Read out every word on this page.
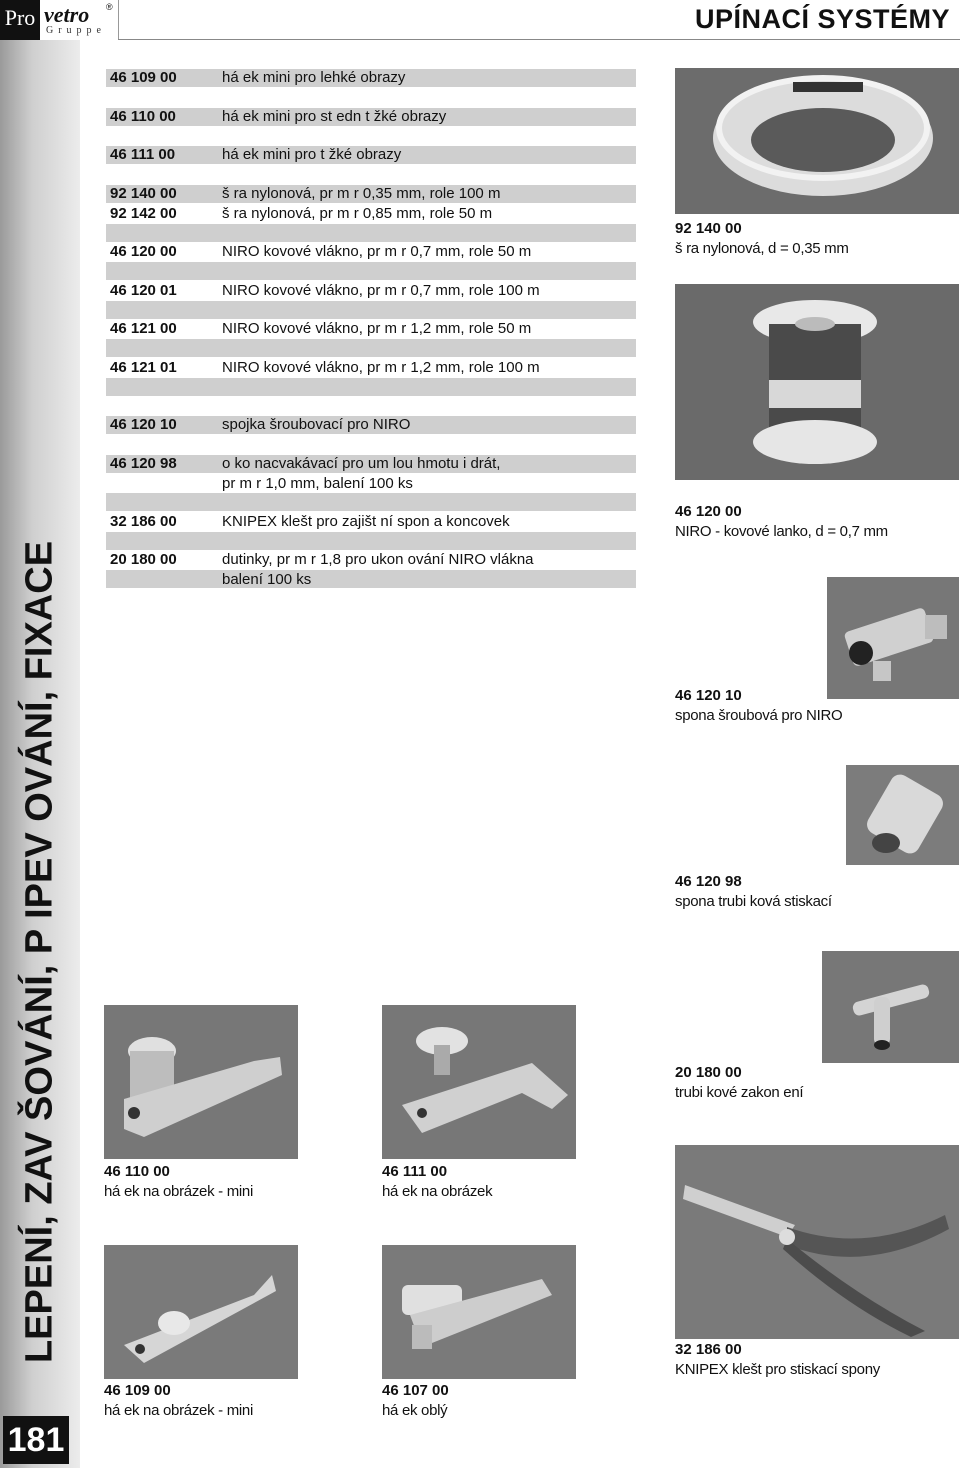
Pro vetro ®
Gruppe	UPÍNACÍ SYSTÉMY
LEPENÍ, ZAV ŠOVÁNÍ, P IPEV OVÁNÍ, FIXACE
181
46 109 00	há ek mini pro lehké obrazy
46 110 00	há ek mini pro st edn t žké obrazy
46 111 00	há ek mini pro t žké obrazy
92 140 00	š ra nylonová, pr m r 0,35 mm, role 100 m
92 142 00	š ra nylonová, pr m r 0,85 mm, role 50 m
46 120 00	NIRO kovové vlákno, pr m r 0,7 mm, role 50 m
46 120 01	NIRO kovové vlákno, pr m r 0,7 mm, role 100 m
46 121 00	NIRO kovové vlákno, pr m r 1,2 mm, role 50 m
46 121 01	NIRO kovové vlákno, pr m r 1,2 mm, role 100 m
46 120 10	spojka šroubovací pro NIRO
46 120 98	o ko nacvakávací pro um lou hmotu i drát,
pr m r 1,0 mm, balení 100 ks
32 186 00	KNIPEX klešt pro zajišt ní spon a koncovek
20 180 00	dutinky, pr m r 1,8 pro ukon ování NIRO vlákna
balení 100 ks
92 140 00
š ra nylonová, d = 0,35 mm
46 120 00
NIRO - kovové lanko, d = 0,7 mm
46 120 10
spona šroubová pro NIRO
46 120 98
spona trubi ková stiskací
20 180 00
trubi kové zakon ení
32 186 00
KNIPEX klešt pro stiskací spony
46 110 00
há ek na obrázek - mini
46 111 00
há ek na obrázek
46 109 00
há ek na obrázek - mini
46 107 00
há ek oblý
